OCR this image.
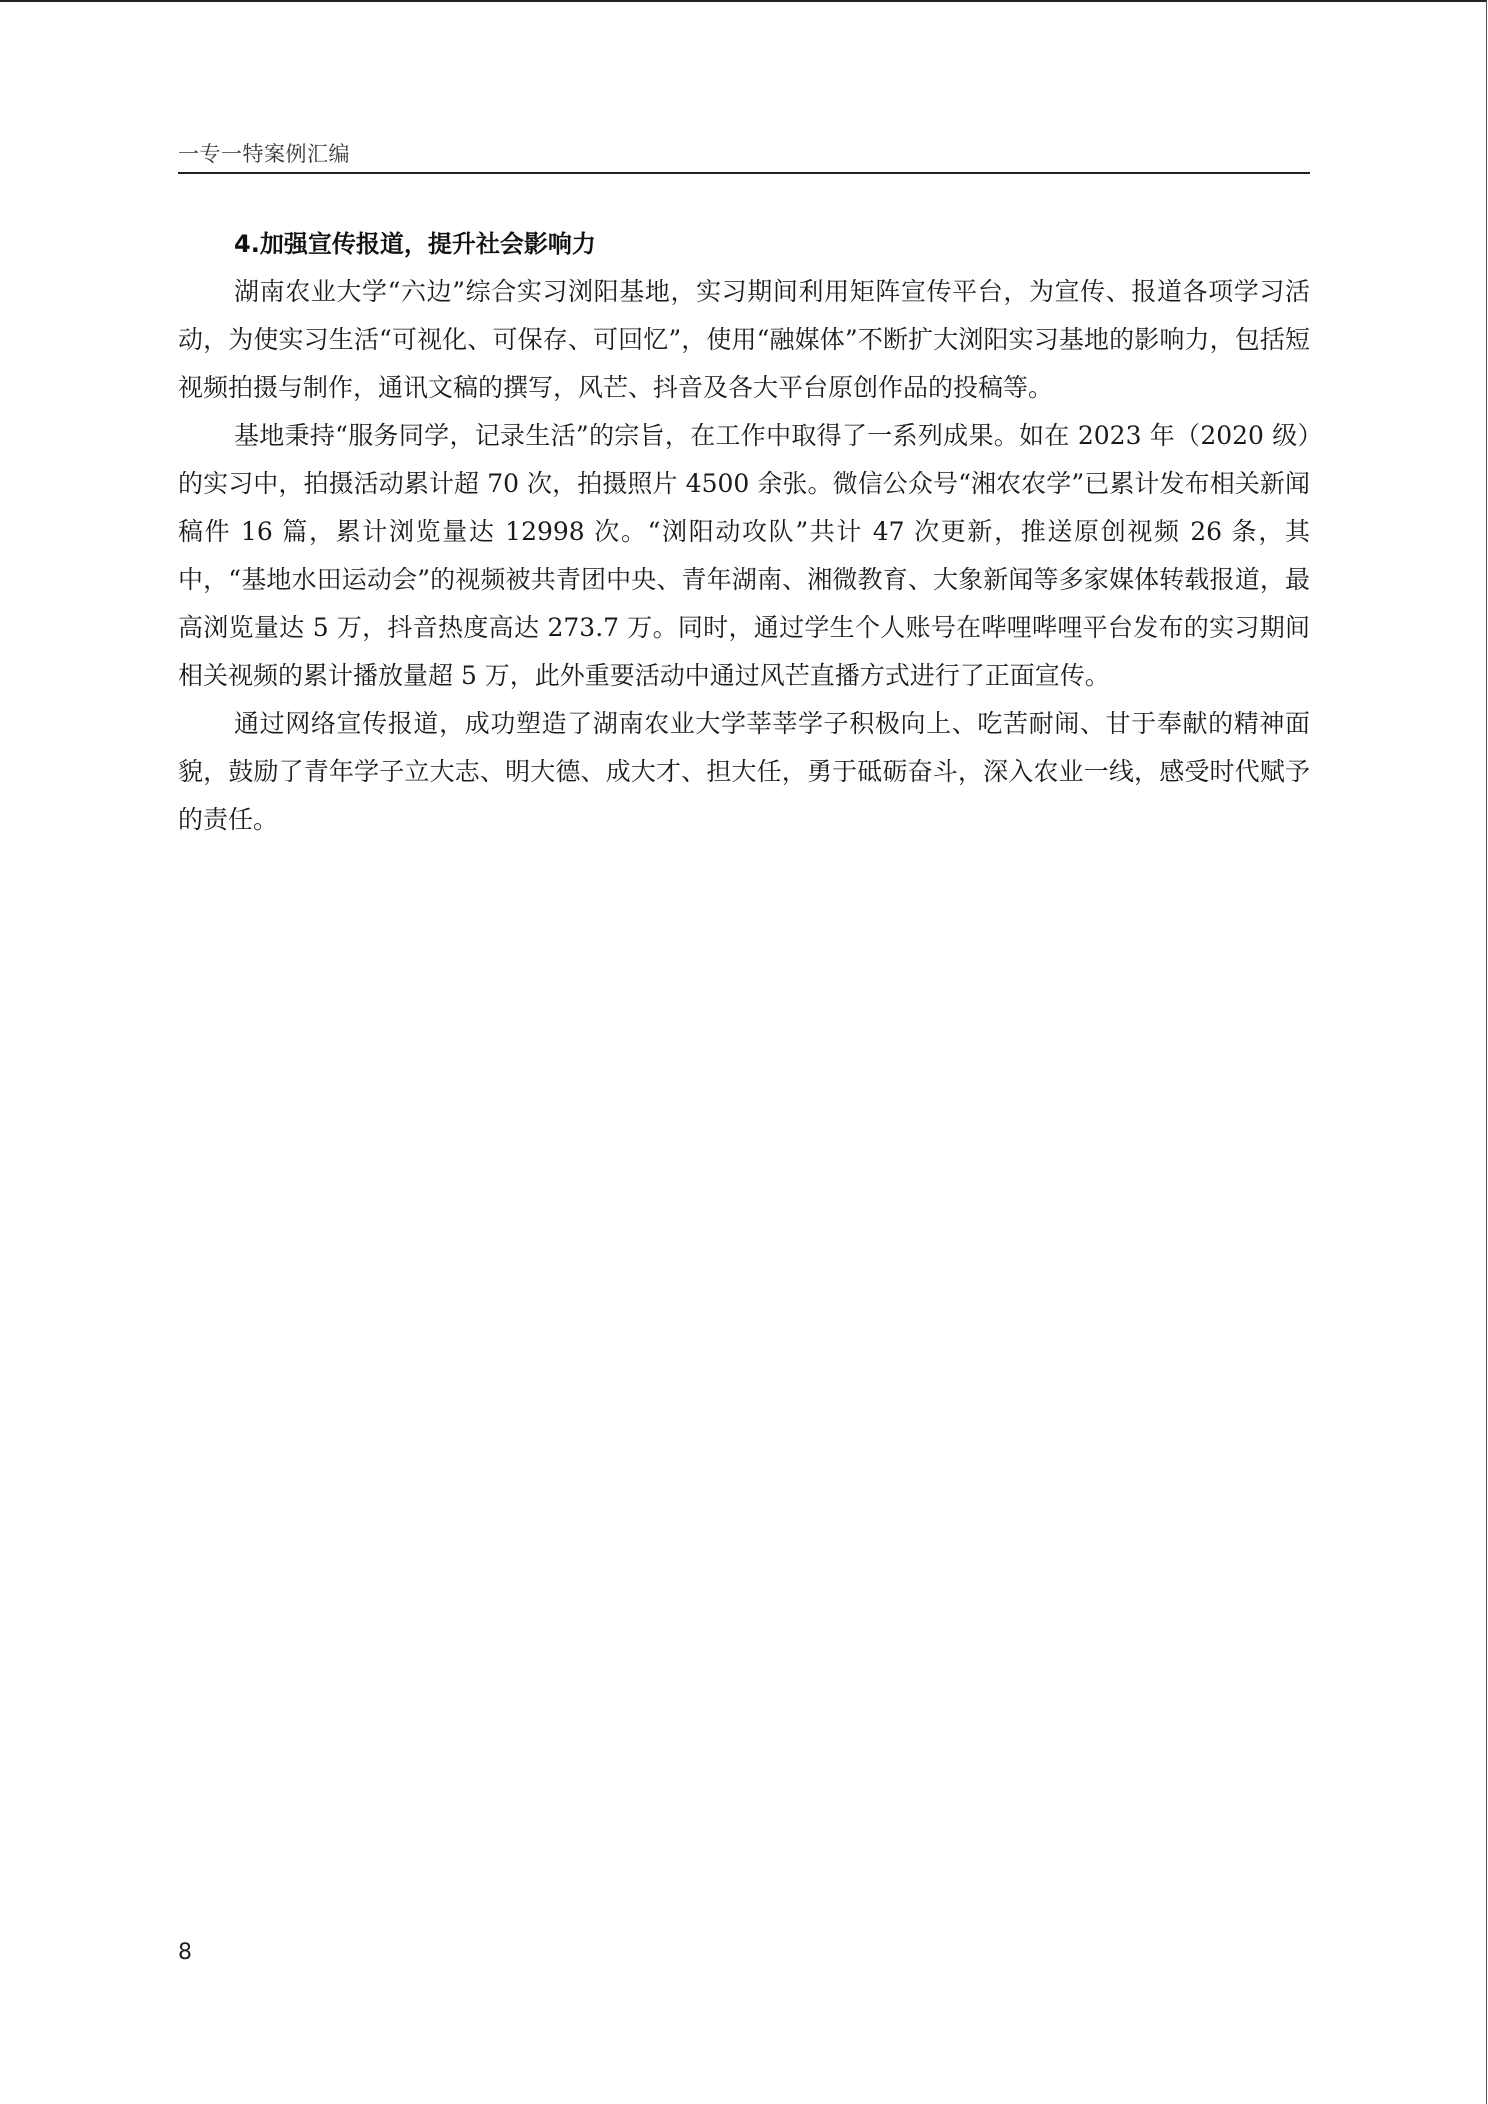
一专一特案例汇编
4.加强宣传报道，提升社会影响力

湖南农业大学“六边”综合实习浏阳基地，实习期间利用矩阵宣传平台，为宣传、报道各项学习活动，为使实习生活“可视化、可保存、可回忆”，使用“融媒体”不断扩大浏阳实习基地的影响力，包括短视频拍摄与制作，通讯文稿的撰写，风芒、抖音及各大平台原创作品的投稿等。

基地秉持“服务同学，记录生活”的宗旨，在工作中取得了一系列成果。如在 2023 年（2020 级）的实习中，拍摄活动累计超 70 次，拍摄照片 4500 余张。微信公众号“湘农农学”已累计发布相关新闻稿件 16 篇，累计浏览量达 12998 次。“浏阳动攻队”共计 47 次更新，推送原创视频 26 条，其中，“基地水田运动会”的视频被共青团中央、青年湖南、湘微教育、大象新闻等多家媒体转载报道，最高浏览量达 5 万，抖音热度高达 273.7 万。同时，通过学生个人账号在哔哩哔哩平台发布的实习期间相关视频的累计播放量超 5 万，此外重要活动中通过风芒直播方式进行了正面宣传。

通过网络宣传报道，成功塑造了湖南农业大学莘莘学子积极向上、吃苦耐闹、甘于奉献的精神面貌，鼓励了青年学子立大志、明大德、成大才、担大任，勇于砥砺奋斗，深入农业一线，感受时代赋予的责任。

8
